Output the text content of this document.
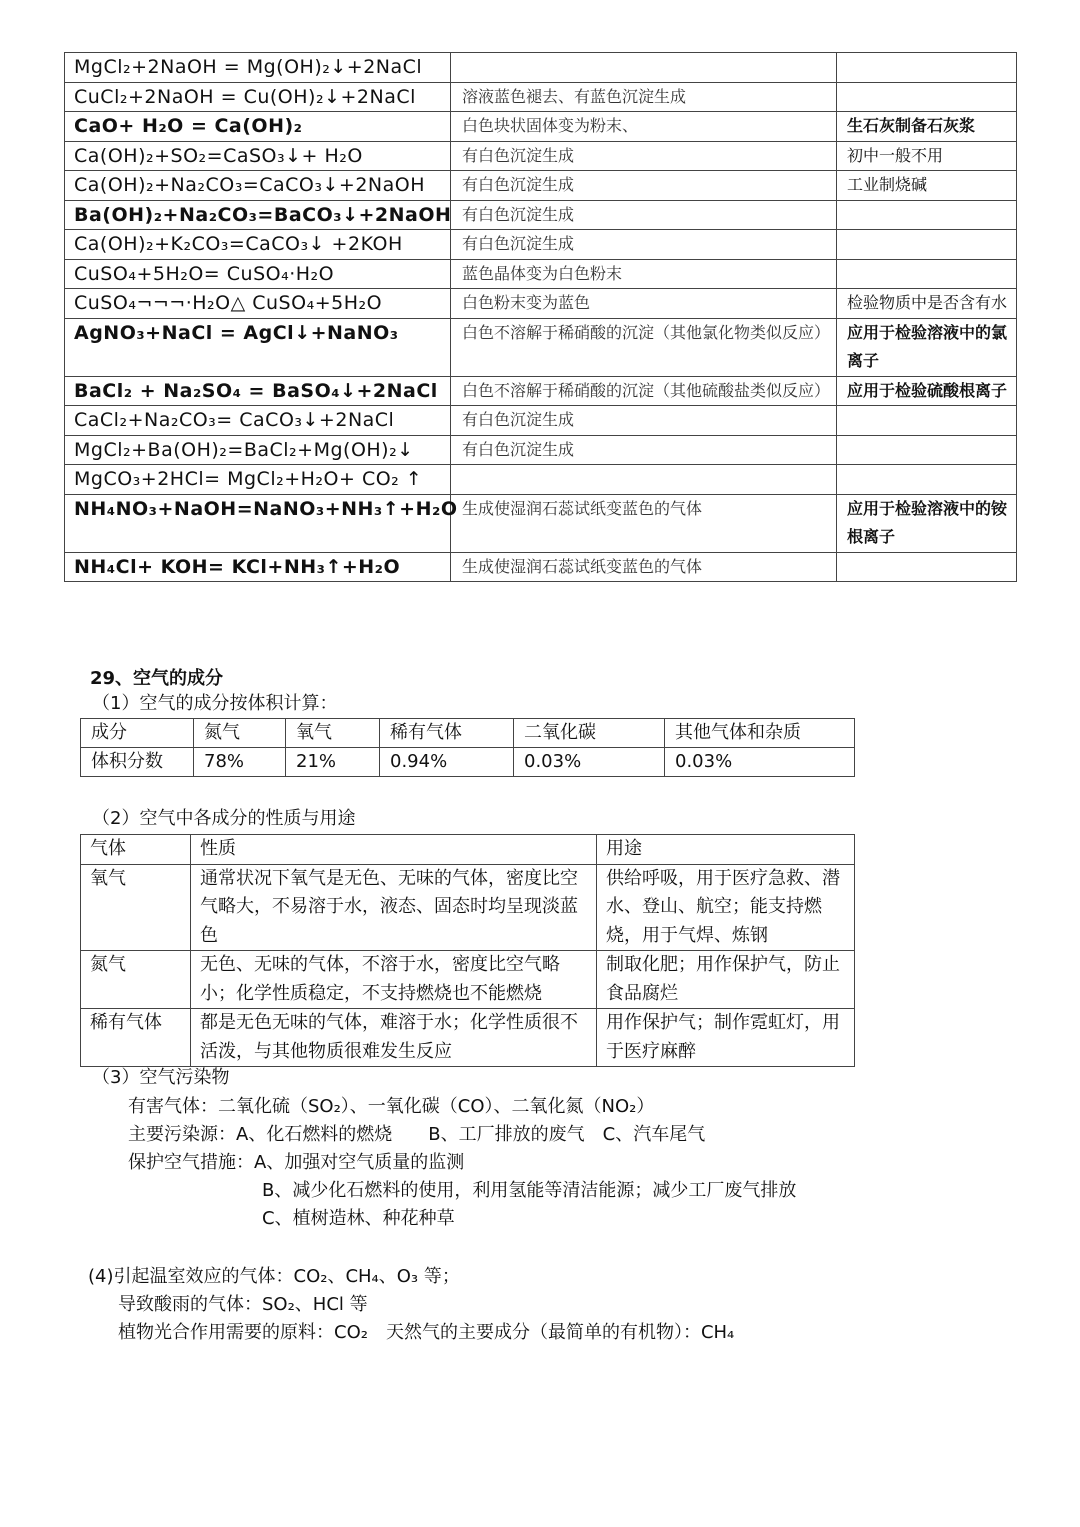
MgCl₂+2NaOH = Mg(OH)₂↓+2NaCl		
CuCl₂+2NaOH = Cu(OH)₂↓+2NaCl	溶液蓝色褪去、有蓝色沉淀生成	
CaO+ H₂O = Ca(OH)₂	白色块状固体变为粉末、	生石灰制备石灰浆
Ca(OH)₂+SO₂=CaSO₃↓+ H₂O	有白色沉淀生成	初中一般不用
Ca(OH)₂+Na₂CO₃=CaCO₃↓+2NaOH	有白色沉淀生成	工业制烧碱
Ba(OH)₂+Na₂CO₃=BaCO₃↓+2NaOH	有白色沉淀生成	
Ca(OH)₂+K₂CO₃=CaCO₃↓ +2KOH	有白色沉淀生成	
CuSO₄+5H₂O= CuSO₄·H₂O	蓝色晶体变为白色粉末	
CuSO₄¬¬¬·H₂O△ CuSO₄+5H₂O	白色粉末变为蓝色	检验物质中是否含有水
AgNO₃+NaCl = AgCl↓+NaNO₃	白色不溶解于稀硝酸的沉淀（其他氯化物类似反应）	应用于检验溶液中的氯离子
BaCl₂ + Na₂SO₄ = BaSO₄↓+2NaCl	白色不溶解于稀硝酸的沉淀（其他硫酸盐类似反应）	应用于检验硫酸根离子
CaCl₂+Na₂CO₃= CaCO₃↓+2NaCl	有白色沉淀生成	
MgCl₂+Ba(OH)₂=BaCl₂+Mg(OH)₂↓	有白色沉淀生成	
MgCO₃+2HCl= MgCl₂+H₂O+ CO₂ ↑		
NH₄NO₃+NaOH=NaNO₃+NH₃↑+H₂O	生成使湿润石蕊试纸变蓝色的气体	应用于检验溶液中的铵根离子
NH₄Cl+ KOH= KCl+NH₃↑+H₂O	生成使湿润石蕊试纸变蓝色的气体	
29、空气的成分

（1）空气的成分按体积计算：

成分	氮气	氧气	稀有气体	二氧化碳	其他气体和杂质
体积分数	78%	21%	0.94%	0.03%	0.03%

（2）空气中各成分的性质与用途

气体	性质	用途
氧气	通常状况下氧气是无色、无味的气体，密度比空气略大，不易溶于水，液态、固态时均呈现淡蓝色	供给呼吸，用于医疗急救、潜水、登山、航空；能支持燃烧，用于气焊、炼钢
氮气	无色、无味的气体，不溶于水，密度比空气略小；化学性质稳定，不支持燃烧也不能燃烧	制取化肥；用作保护气，防止食品腐烂
稀有气体	都是无色无味的气体，难溶于水；化学性质很不活泼，与其他物质很难发生反应	用作保护气；制作霓虹灯，用于医疗麻醉

（3）空气污染物

有害气体：二氧化硫（SO₂）、一氧化碳（CO）、二氧化氮（NO₂）

主要污染源：A、化石燃料的燃烧　　B、工厂排放的废气　C、汽车尾气

保护空气措施：A、加强对空气质量的监测

B、减少化石燃料的使用，利用氢能等清洁能源；减少工厂废气排放

C、植树造林、种花种草

(4)引起温室效应的气体：CO₂、CH₄、O₃ 等；

导致酸雨的气体：SO₂、HCl 等

植物光合作用需要的原料：CO₂　天然气的主要成分（最简单的有机物）：CH₄
